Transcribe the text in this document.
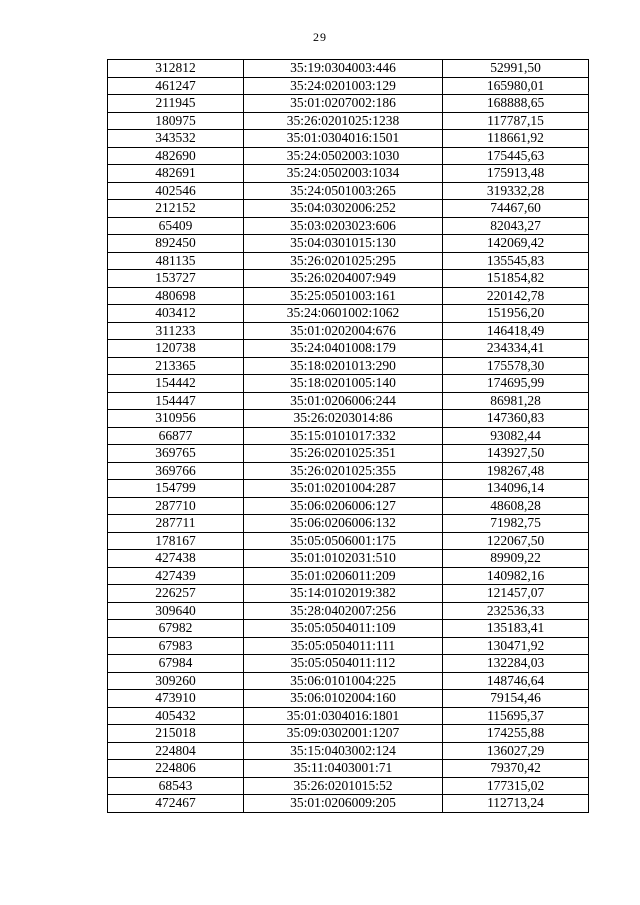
29
312812	35:19:0304003:446	52991,50
461247	35:24:0201003:129	165980,01
211945	35:01:0207002:186	168888,65
180975	35:26:0201025:1238	117787,15
343532	35:01:0304016:1501	118661,92
482690	35:24:0502003:1030	175445,63
482691	35:24:0502003:1034	175913,48
402546	35:24:0501003:265	319332,28
212152	35:04:0302006:252	74467,60
65409	35:03:0203023:606	82043,27
892450	35:04:0301015:130	142069,42
481135	35:26:0201025:295	135545,83
153727	35:26:0204007:949	151854,82
480698	35:25:0501003:161	220142,78
403412	35:24:0601002:1062	151956,20
311233	35:01:0202004:676	146418,49
120738	35:24:0401008:179	234334,41
213365	35:18:0201013:290	175578,30
154442	35:18:0201005:140	174695,99
154447	35:01:0206006:244	86981,28
310956	35:26:0203014:86	147360,83
66877	35:15:0101017:332	93082,44
369765	35:26:0201025:351	143927,50
369766	35:26:0201025:355	198267,48
154799	35:01:0201004:287	134096,14
287710	35:06:0206006:127	48608,28
287711	35:06:0206006:132	71982,75
178167	35:05:0506001:175	122067,50
427438	35:01:0102031:510	89909,22
427439	35:01:0206011:209	140982,16
226257	35:14:0102019:382	121457,07
309640	35:28:0402007:256	232536,33
67982	35:05:0504011:109	135183,41
67983	35:05:0504011:111	130471,92
67984	35:05:0504011:112	132284,03
309260	35:06:0101004:225	148746,64
473910	35:06:0102004:160	79154,46
405432	35:01:0304016:1801	115695,37
215018	35:09:0302001:1207	174255,88
224804	35:15:0403002:124	136027,29
224806	35:11:0403001:71	79370,42
68543	35:26:0201015:52	177315,02
472467	35:01:0206009:205	112713,24
